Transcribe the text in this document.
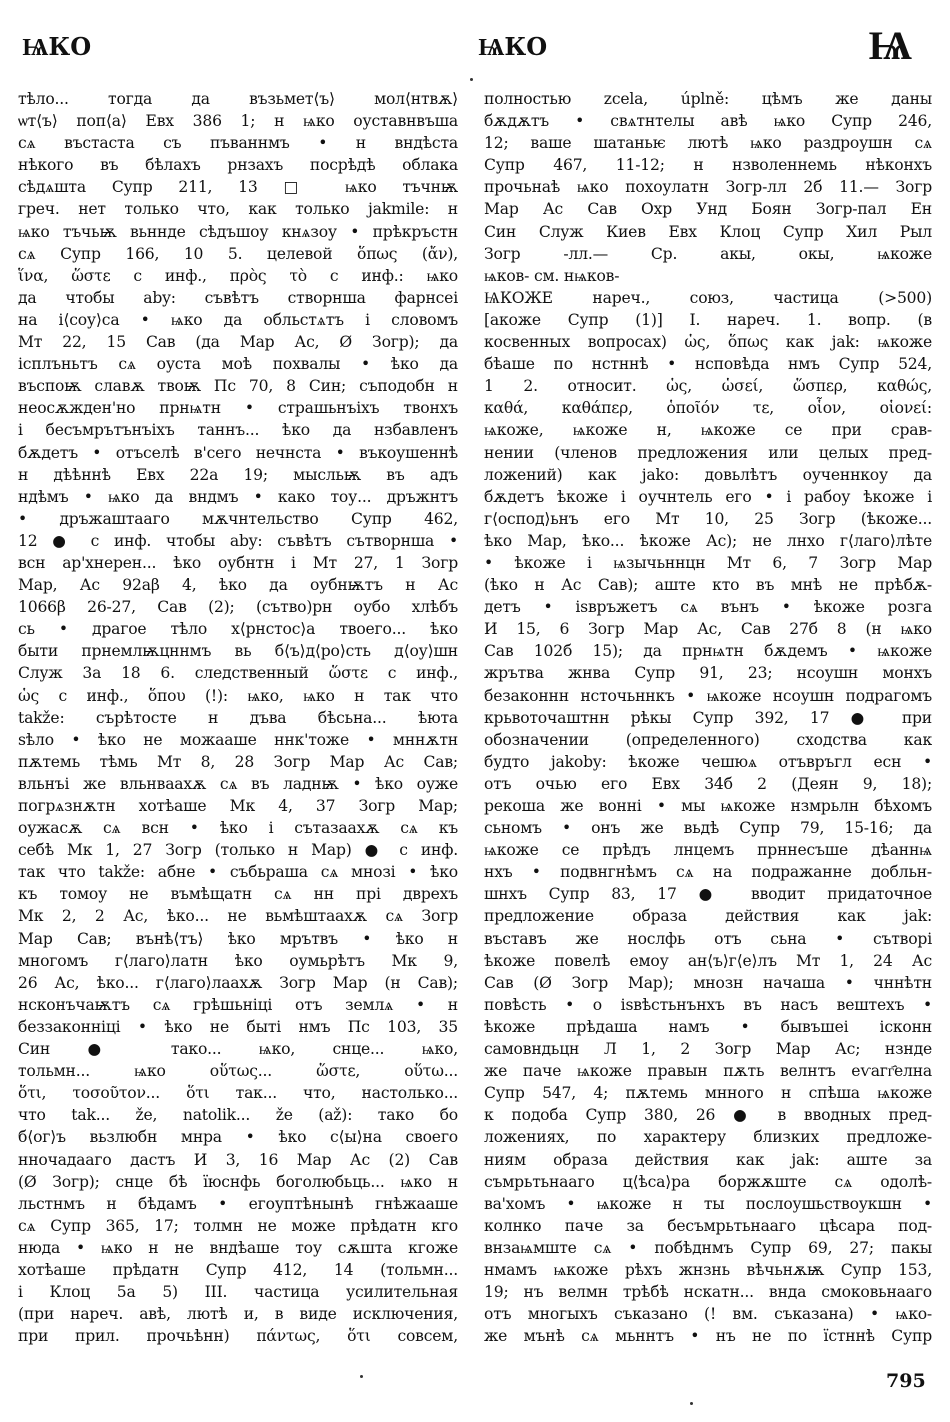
ѨКО	ѨКО	Ѩ
тѣло... тогда да възьмет⟨ъ⟩ мол⟨нтвѫ⟩
ѡт⟨ъ⟩ поп⟨а⟩ Евх 386 1; н ѩко оуставнвъша
сѧ въстаста съ пъваннмъ • н вндѣста
нѣкого въ бѣлахъ рнзахъ посрѣдѣ облака
сѣдѧшта Супр 211, 13 □ ѩко тъчнѭ
греч. нет только что, как только jakmile: н
ѩко тъчьѭ вьннде сѣдъшоу кнѧзоу • прѣкръстн
сѧ Супр 166, 10 5. целевой ὅπως (ἄν),
ἵνα, ὥστε с инф., πρὸς τὸ с инф.: ѩко
да чтобы aby: съвѣтъ створнша фарнсеі
на і⟨соу⟩са • ѩко да обльстѧтъ і словомъ
Мт 22, 15 Сав (да Мар Ас, Ø Зогр); да
ісплъньтъ сѧ оуста моѣ похвалы • ѣко да
въспоѭ славѫ твоѭ Пс 70, 8 Син; съподобн н
неосѫжден'но прнѩтн • страшьнъіхъ твонхъ
і бесъмрътънъіхъ таннъ... ѣко да нзбавленъ
бѫдетъ • отъселѣ в'сего нечнста • въкоушеннѣ
н дѣѣннѣ Евх 22а 19; мысльѭ въ адъ
ндѣмъ • ѩко да вндмъ • како тоу... дръжнтъ
• дръжаштааго мѫчнтельство Супр 462,
12 ● с инф. чтобы aby: съвѣтъ сътворнша •
всн ар'хнерен... ѣко оубнтн і Мт 27, 1 Зогр
Мар, Ас 92аβ 4, ѣко да оубнѭтъ н Ас
1066β 26-27, Сав (2); (сътво)рн оубо хлѣбъ
сь • драгое тѣло х⟨рнстос⟩а твоего... ѣко
быти прнемлѭцннмъ вь б⟨ъ⟩д⟨ро⟩сть д⟨оу⟩шн
Служ 3а 18 6. следственный ὥστε с инф.,
ὡς с инф., ὅπου (!): ѩко, ѩко н так что
takže: сърѣтосте н дъва бѣсьна... ѣюта
ѕѣло • ѣко не можааше ннк'тоже • мннѫтн
пѫтемь тѣмь Мт 8, 28 Зогр Мар Ас Сав;
вльнъі же вльнваахѫ сѧ въ ладнѭ • ѣко оуже
погрѧзнѫтн хотѣаше Мк 4, 37 Зогр Мар;
оужасѫ сѧ всн • ѣко і сътазаахѫ сѧ къ
себѣ Мк 1, 27 Зогр (только н Мар) ● с инф.
так что takže: абне • събьраша сѧ мнозі • ѣко
къ томоу не въмѣщатн сѧ нн прі дврехъ
Мк 2, 2 Ас, ѣко... не вьмѣштаахѫ сѧ Зогр
Мар Сав; вънѣ⟨тъ⟩ ѣко мрътвъ • ѣко н
многомъ г⟨лаго⟩латн ѣко оумьрѣтъ Мк 9,
26 Ас, ѣко... г⟨лаго⟩лаахѫ Зогр Мар (н Сав);
нсконъчаѭтъ сѧ грѣшьніці отъ землѧ • н
беззаконніці • ѣко не быті нмъ Пс 103, 35
Син ● тако... ѩко, снце... ѩко,
тольмн... ѩко οὕτως... ὥστε, οὕτω...
ὅτι, τοσοῦτον... ὅτι так... что, настолько...
что tak... že, natolik... že (až): тако бо
б⟨ог⟩ъ вьзлюбн мнра • ѣко с⟨ы⟩на своего
нночадааго дастъ И 3, 16 Мар Ас (2) Сав
(Ø Зогр); снце бѣ їюснфь боголюбьць... ѩко н
льстнмъ н бѣдамъ • егоуптѣнынѣ гнѣжааше
сѧ Супр 365, 17; толмн не може прѣдатн кго
нюда • ѩко н не вндѣаше тоу сѫшта кгоже
хотѣаше прѣдатн Супр 412, 14 (тольмн...
і Клоц 5а 5) III. частица усилительная
(при нареч. авѣ, лютѣ и, в виде исключения,
при прил. прочьѣнн) πάντως, ὅτι совсем,
полностью zcela, úplně: цѣмъ же даны
бѫдѫтъ • свѧтнтелы авѣ ѩко Супр 246,
12; ваше шатаньѥ лютѣ ѩко раздроушн сѧ
Супр 467, 11-12; н нзволеннемь нѣконхъ
прочьнаѣ ѩко похоулатн Зогр-лл 2б 11.— Зогр
Мар Ас Сав Охр Унд Боян Зогр-пал Ен
Син Служ Киев Евх Клоц Супр Хил Рыл
Зогр -лл.— Ср. акы, окы, ѩкоже
ѩков- см. нѩков-
ѨКОЖЕ нареч., союз, частица (>500)
[акоже Супр (1)] I. нареч. 1. вопр. (в
косвенных вопросах) ὡς, ὅπως как jak: ѩкоже
бѣаше по нстннѣ • нсповѣда нмъ Супр 524,
1 2. относит. ὡς, ὡσεί, ὥσπερ, καθώς,
καθά, καθάπερ, ὁποῖόν τε, οἷον, οἱονεί:
ѩкоже, ѩкоже н, ѩкоже се при срав-
нении (членов предложения или целых пред-
ложений) как jako: довьлѣтъ оученнкоу да
бѫдетъ ѣкоже і оучнтель его • і рабоу ѣкоже і
г⟨оспод⟩ьнъ его Мт 10, 25 Зогр (ѣкоже...
ѣко Мар, ѣко... ѣкоже Ас); не лнхо г⟨лаго⟩лѣте
• ѣкоже і ѩзычьннцн Мт 6, 7 Зогр Мар
(ѣко н Ас Сав); аште кто въ мнѣ не прѣбѫ-
детъ • іѕвръжетъ сѧ вънъ • ѣкоже розга
И 15, 6 Зогр Мар Ас, Сав 27б 8 (н ѩко
Сав 102б 15); да прнѩтн бѫдемъ • ѩкоже
жрътва жнва Супр 91, 23; нсоушн монхъ
безаконнн нсточьннкъ • ѩкоже нсоушн подрагомъ
крьвоточаштнн рѣкы Супр 392, 17 ● при
обозначении (определенного) сходства как
будто jakoby: ѣкоже чешюѧ отъвръгл есн •
отъ очью его Евх 34б 2 (Деян 9, 18);
рекоша же вонні • мы ѩкоже нзмрьлн бѣхомъ
сьномъ • онъ же вьдѣ Супр 79, 15-16; да
ѩкоже се прѣдъ лнцемъ прннесъше дѣаннѩ
нхъ • подвнгнѣмъ сѧ на подражанне добльн-
шнхъ Супр 83, 17 ● вводит придаточное
предложение образа действия как jak:
въставъ же нослфь отъ сьна • сътворі
ѣкоже повелѣ емоу ан⟨ъ⟩г⟨е⟩лъ Мт 1, 24 Ас
Сав (Ø Зогр Мар); мнозн начаша • чннѣтн
повѣсть • о іѕвѣстьнънхъ въ насъ вештехъ •
ѣкоже прѣдаша намъ • бывъшеі ісконн
самовндьцн Л 1, 2 Зогр Мар Ас; нзнде
же паче ѩкоже правын пѫть велнтъ еѵагг҄елна
Супр 547, 4; пѫтемь мнного н спѣша ѩкоже
к подоба Супр 380, 26 ● в вводных пред-
ложениях, по характеру близких предложе-
ниям образа действия как jak: аште за
съмрьтьнааго ц⟨ѣса⟩ра боржѫште сѧ одолѣ-
ва'хомъ • ѩкоже н ты послоушьствоукшн •
колнко паче за бесъмрьтьнааго цѣсара под-
внзаѩмште сѧ • побѣднмъ Супр 69, 27; пакы
нмамъ ѩкоже рѣхъ жнзнь вѣчьнѫѭ Супр 153,
19; нъ велмн трѣбѣ нскатн... внда смоковьнааго
отъ многыхъ съказано (! вм. съказана) • ѩко-
же мънѣ сѧ мьннтъ • нъ не по їстннѣ Супр
795
